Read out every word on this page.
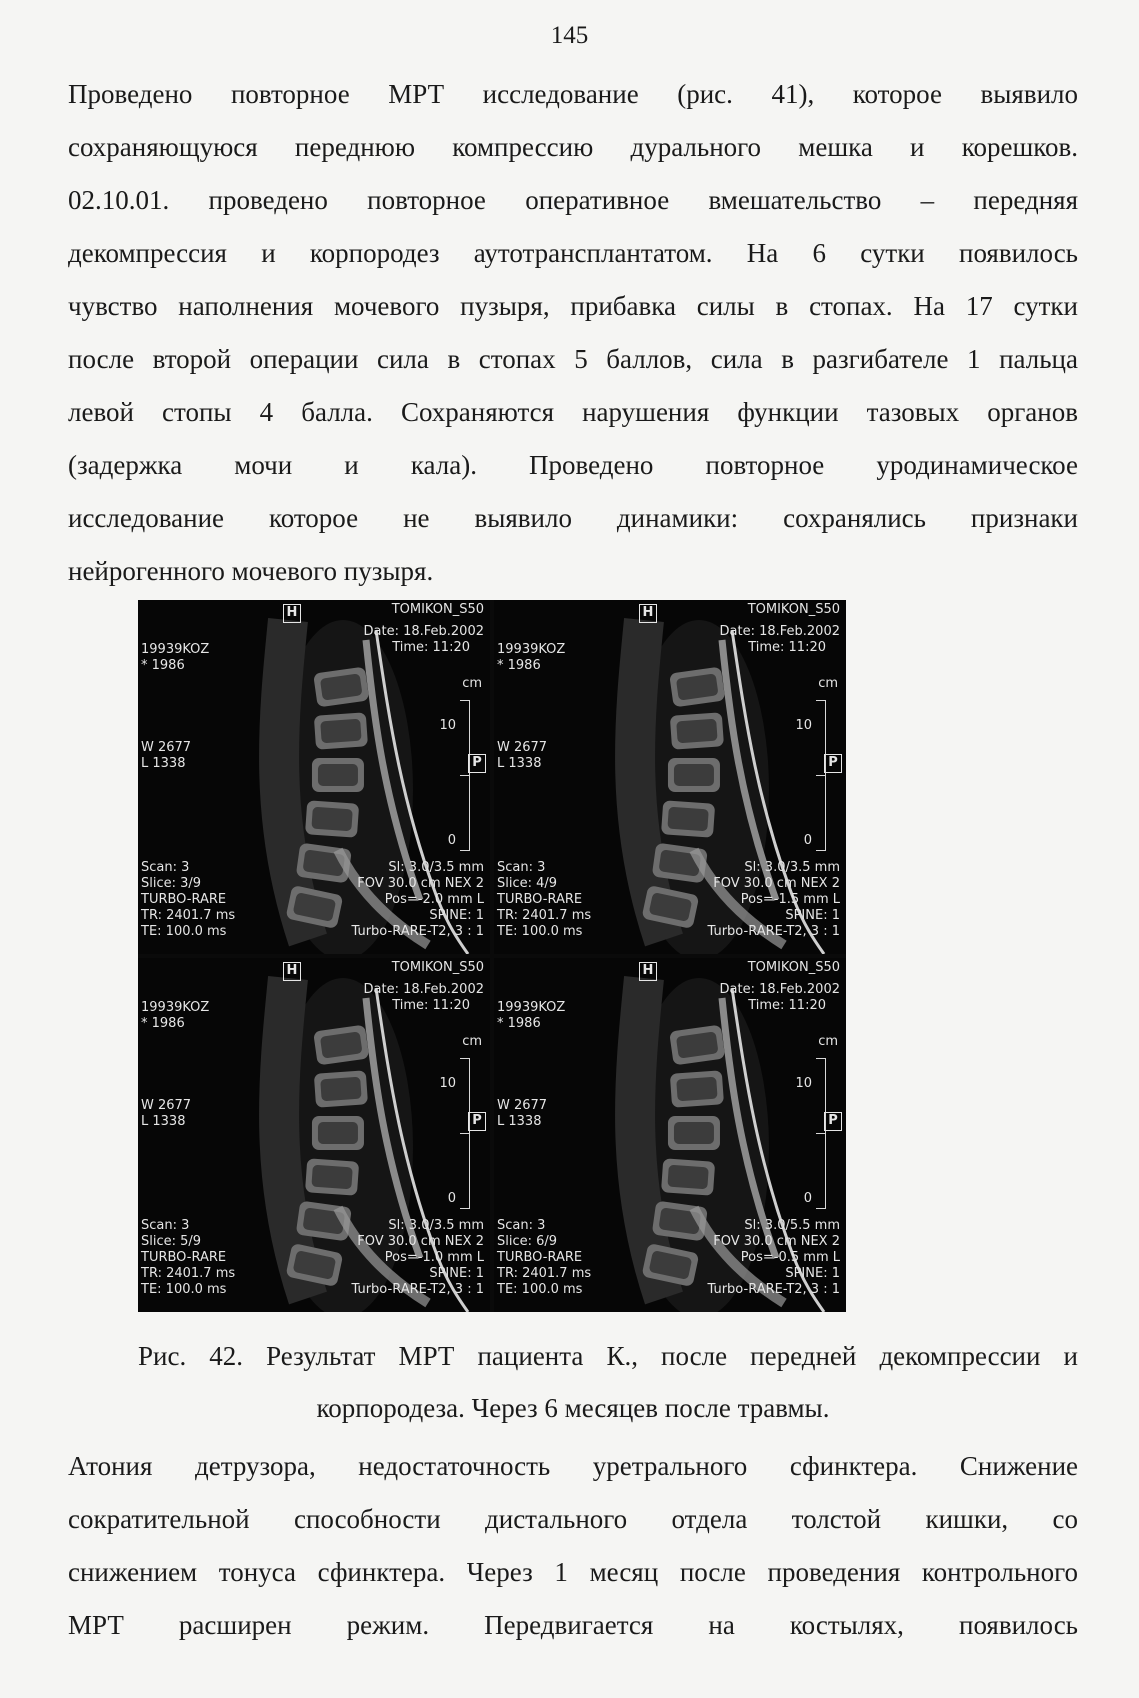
145
Проведено повторное МРТ исследование (рис. 41), которое выявило
сохраняющуюся переднюю компрессию дурального мешка и корешков.
02.10.01. проведено повторное оперативное вмешательство – передняя
декомпрессия и корпородез аутотрансплантатом. На 6 сутки появилось
чувство наполнения мочевого пузыря, прибавка силы в стопах. На 17 сутки
после второй операции сила в стопах 5 баллов, сила в разгибателе 1 пальца
левой стопы 4 балла. Сохраняются нарушения функции тазовых органов
(задержка мочи и кала). Проведено повторное уродинамическое
исследование которое не выявило динамики: сохранялись признаки
нейрогенного мочевого пузыря.
H	TOMIKON_S50
Date: 18.Feb.2002
Time: 11:20
19939KOZ
* 1986
cm
10
0
W 2677
L 1338	P
Scan: 3
Slice: 3/9
TURBO-RARE
TR: 2401.7 ms
TE: 100.0 ms
Sl: 3.0/3.5 mm
FOV 30.0 cm NEX 2
Pos=-2.0 mm L
SPINE: 1
Turbo-RARE-T2, 3 : 1
H	TOMIKON_S50
Date: 18.Feb.2002
Time: 11:20
19939KOZ
* 1986
cm
10
0
W 2677
L 1338	P
Scan: 3
Slice: 4/9
TURBO-RARE
TR: 2401.7 ms
TE: 100.0 ms
Sl: 3.0/3.5 mm
FOV 30.0 cm NEX 2
Pos=-1.5 mm L
SPINE: 1
Turbo-RARE-T2, 3 : 1
H	TOMIKON_S50
Date: 18.Feb.2002
Time: 11:20
19939KOZ
* 1986
cm
10
0
W 2677
L 1338	P
Scan: 3
Slice: 5/9
TURBO-RARE
TR: 2401.7 ms
TE: 100.0 ms
Sl: 3.0/3.5 mm
FOV 30.0 cm NEX 2
Pos=-1.0 mm L
SPINE: 1
Turbo-RARE-T2, 3 : 1
H	TOMIKON_S50
Date: 18.Feb.2002
Time: 11:20
19939KOZ
* 1986
cm
10
0
W 2677
L 1338	P
Scan: 3
Slice: 6/9
TURBO-RARE
TR: 2401.7 ms
TE: 100.0 ms
Sl: 3.0/5.5 mm
FOV 30.0 cm NEX 2
Pos=-0.5 mm L
SPINE: 1
Turbo-RARE-T2, 3 : 1
Рис. 42. Результат МРТ пациента К., после передней декомпрессии и
корпородеза. Через 6 месяцев после травмы.
Атония детрузора, недостаточность уретрального сфинктера. Снижение
сократительной способности дистального отдела толстой кишки, со
снижением тонуса сфинктера. Через 1 месяц после проведения контрольного
МРТ расширен режим. Передвигается на костылях, появилось
